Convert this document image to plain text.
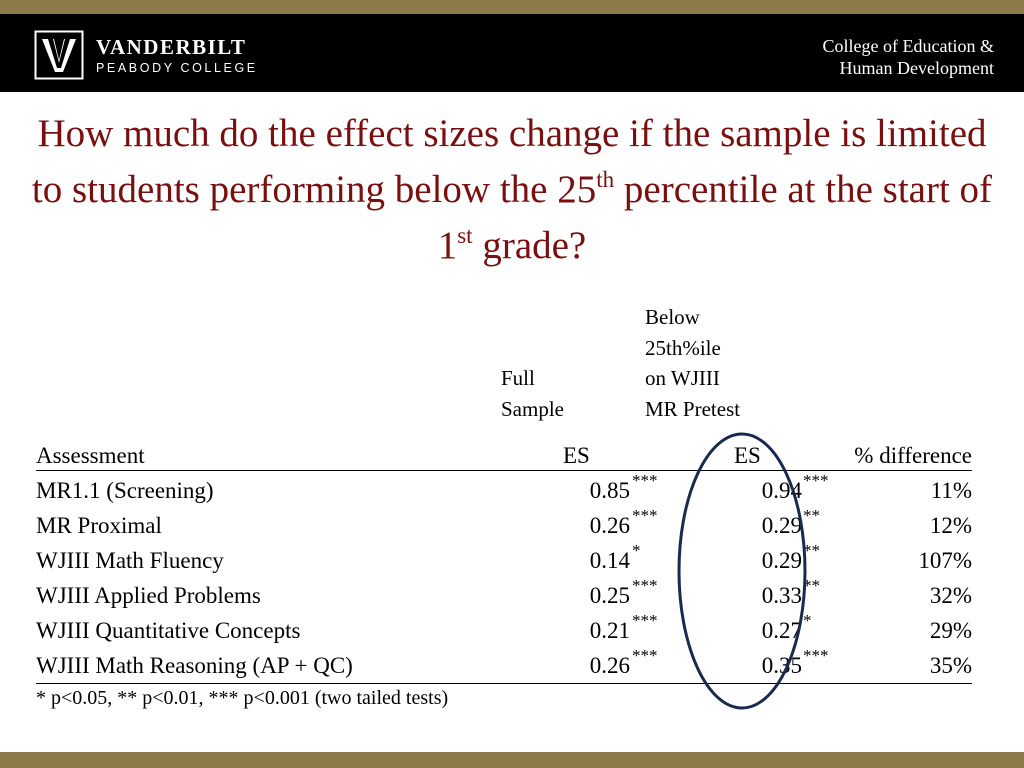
VANDERBILT
PEABODY COLLEGE
College of Education &
Human Development
How much do the effect sizes change if the sample is limited to students performing below the 25th percentile at the start of 1st grade?
Full
Sample
Below
25th%ile
on WJIII
MR Pretest
Assessment	ES	ES	% difference
MR1.1 (Screening)	0.85 ***	0.94 ***	11%
MR Proximal	0.26 ***	0.29 **	12%
WJIII Math Fluency	0.14 *	0.29 **	107%
WJIII Applied Problems	0.25 ***	0.33 **	32%
WJIII Quantitative Concepts	0.21 ***	0.27 *	29%
WJIII Math Reasoning (AP + QC)	0.26 ***	0.35 ***	35%
* p<0.05, ** p<0.01, *** p<0.001 (two tailed tests)
